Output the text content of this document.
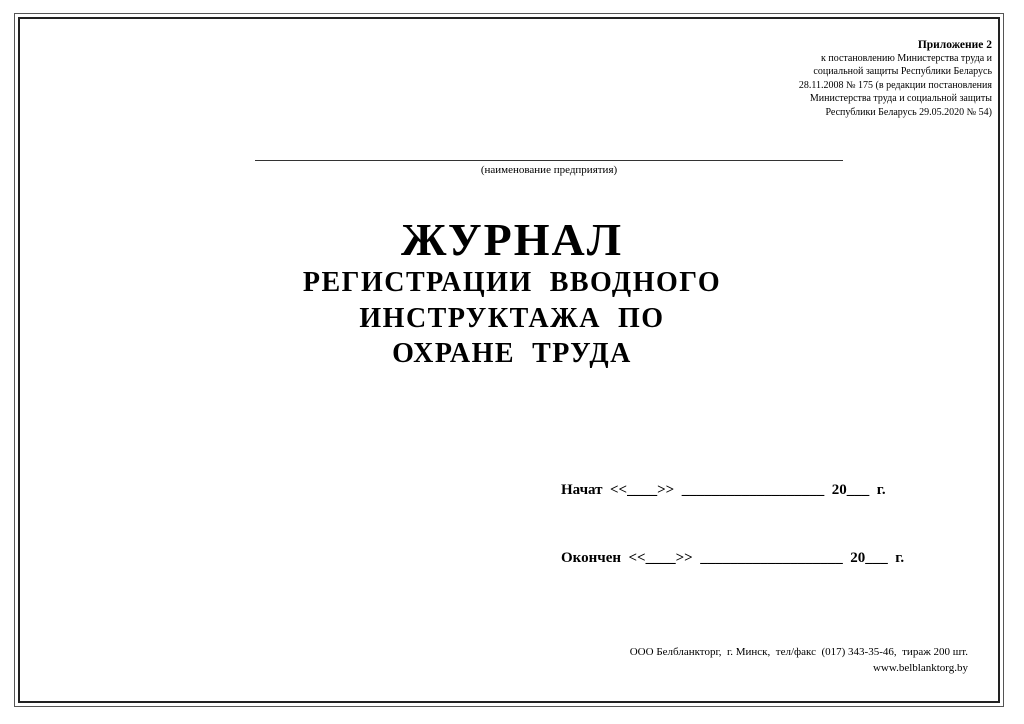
Приложение 2
к постановлению Министерства труда и
социальной защиты Республики Беларусь
28.11.2008 № 175 (в редакции постановления
Министерства труда и социальной защиты
Республики Беларусь 29.05.2020 № 54)
(наименование предприятия)
ЖУРНАЛ
РЕГИСТРАЦИИ  ВВОДНОГО
ИНСТРУКТАЖА  ПО
ОХРАНЕ  ТРУДА
Начат  <<____>>  ___________________  20___  г.
Окончен  <<____>>  ___________________  20___  г.
ООО Белбланкторг,  г. Минск,  тел/факс  (017) 343-35-46,  тираж 200 шт.
www.belblanktorg.by
